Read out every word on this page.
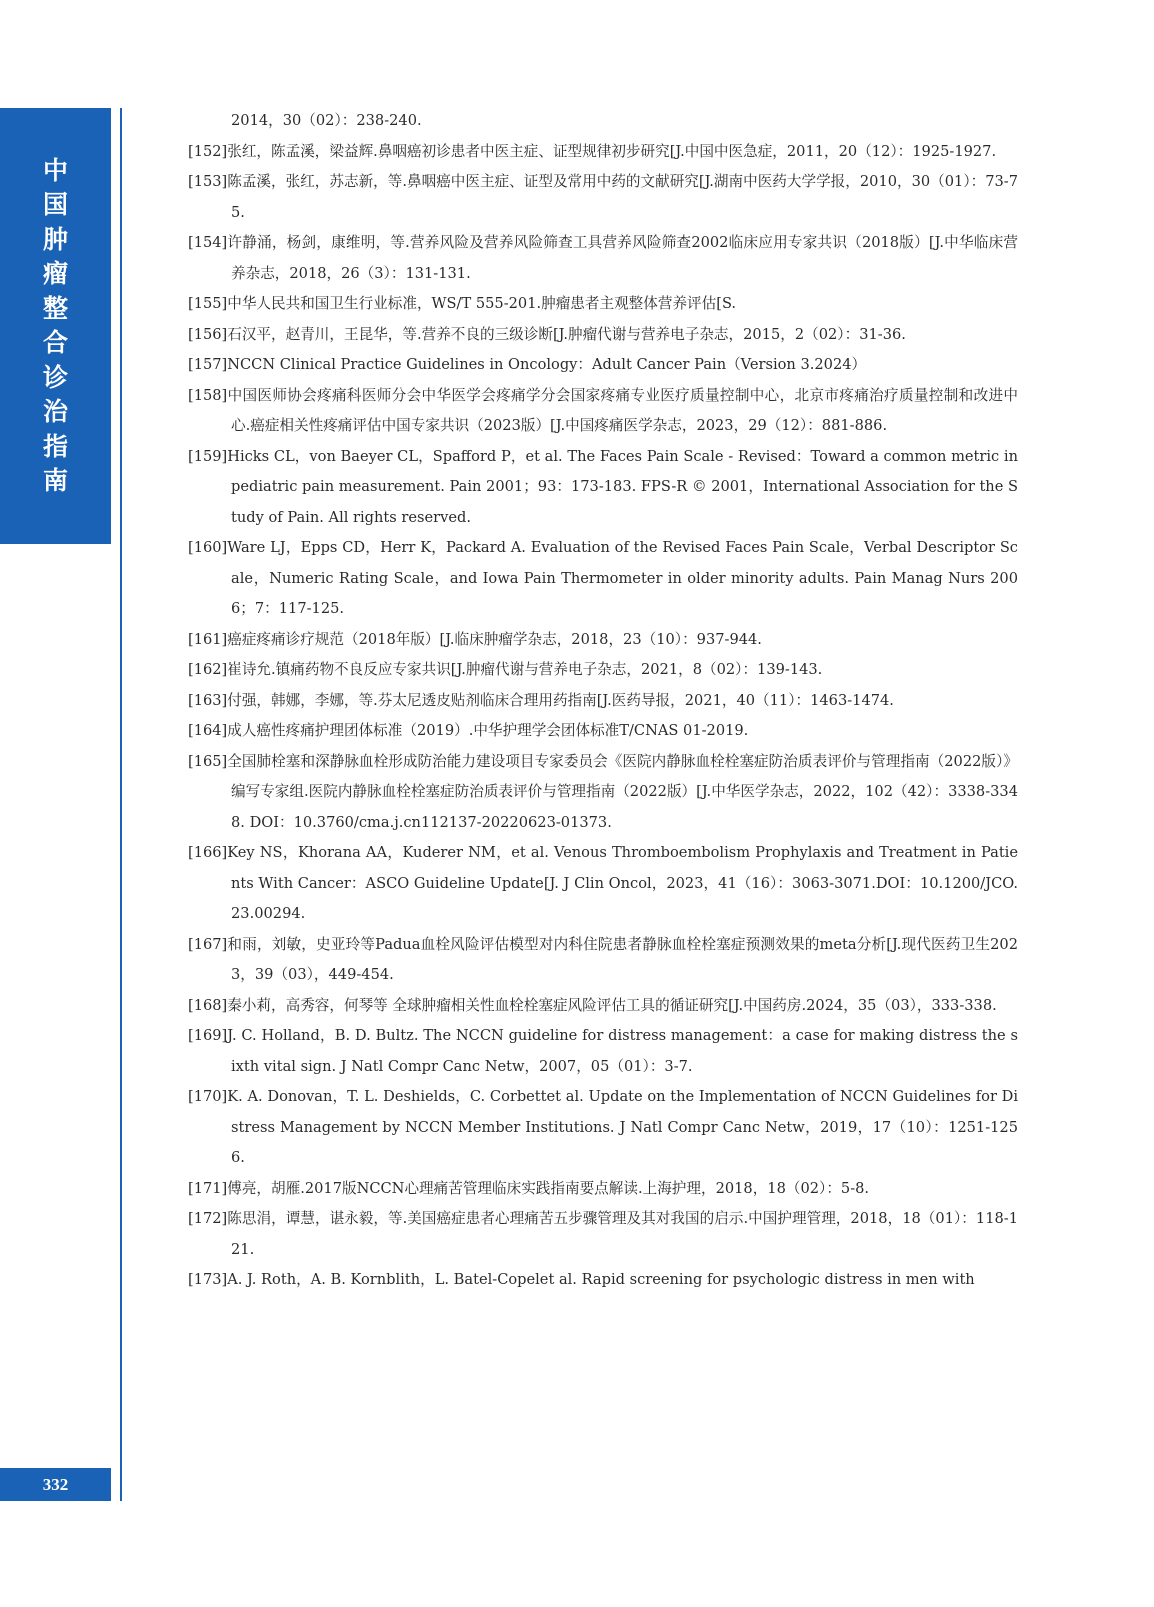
中
国
肿
瘤
整
合
诊
治
指
南
332
2014，30（02）：238-240.
[152]张红，陈孟溪，梁益辉.鼻咽癌初诊患者中医主症、证型规律初步研究[J.中国中医急症，2011，20（12）：1925-1927.
[153]陈孟溪，张红，苏志新，等.鼻咽癌中医主症、证型及常用中药的文献研究[J.湖南中医药大学学报，2010，30（01）：73-75.
[154]许静涌，杨剑，康维明，等.营养风险及营养风险筛查工具营养风险筛查2002临床应用专家共识（2018版）[J.中华临床营养杂志，2018，26（3）：131-131.
[155]中华人民共和国卫生行业标准，WS/T 555-201.肿瘤患者主观整体营养评估[S.
[156]石汉平，赵青川，王昆华，等.营养不良的三级诊断[J.肿瘤代谢与营养电子杂志，2015，2（02）：31-36.
[157]NCCN Clinical Practice Guidelines in Oncology：Adult Cancer Pain（Version 3.2024）
[158]中国医师协会疼痛科医师分会中华医学会疼痛学分会国家疼痛专业医疗质量控制中心，北京市疼痛治疗质量控制和改进中心.癌症相关性疼痛评估中国专家共识（2023版）[J.中国疼痛医学杂志，2023，29（12）：881-886.
[159]Hicks CL，von Baeyer CL，Spafford P，et al. The Faces Pain Scale - Revised：Toward a common metric in pediatric pain measurement. Pain 2001；93：173-183. FPS-R © 2001，International Association for the Study of Pain. All rights reserved.
[160]Ware LJ，Epps CD，Herr K，Packard A. Evaluation of the Revised Faces Pain Scale，Verbal Descriptor Scale，Numeric Rating Scale，and Iowa Pain Thermometer in older minority adults. Pain Manag Nurs 2006；7：117-125.
[161]癌症疼痛诊疗规范（2018年版）[J.临床肿瘤学杂志，2018，23（10）：937-944.
[162]崔诗允.镇痛药物不良反应专家共识[J.肿瘤代谢与营养电子杂志，2021，8（02）：139-143.
[163]付强，韩娜，李娜，等.芬太尼透皮贴剂临床合理用药指南[J.医药导报，2021，40（11）：1463-1474.
[164]成人癌性疼痛护理团体标准（2019）.中华护理学会团体标准T/CNAS 01-2019.
[165]全国肺栓塞和深静脉血栓形成防治能力建设项目专家委员会《医院内静脉血栓栓塞症防治质表评价与管理指南（2022版）》编写专家组.医院内静脉血栓栓塞症防治质表评价与管理指南（2022版）[J.中华医学杂志，2022，102（42）：3338-3348. DOI：10.3760/cma.j.cn112137-20220623-01373.
[166]Key NS，Khorana AA，Kuderer NM，et al. Venous Thromboembolism Prophylaxis and Treatment in Patients With Cancer：ASCO Guideline Update[J. J Clin Oncol，2023，41（16）：3063-3071.DOI：10.1200/JCO.23.00294.
[167]和雨，刘敏，史亚玲等Padua血栓风险评估模型对内科住院患者静脉血栓栓塞症预测效果的meta分析[J.现代医药卫生2023，39（03），449-454.
[168]秦小莉，高秀容，何琴等 全球肿瘤相关性血栓栓塞症风险评估工具的循证研究[J.中国药房.2024，35（03），333-338.
[169]J. C. Holland，B. D. Bultz. The NCCN guideline for distress management：a case for making distress the sixth vital sign. J Natl Compr Canc Netw，2007，05（01）：3-7.
[170]K. A. Donovan，T. L. Deshields，C. Corbettet al. Update on the Implementation of NCCN Guidelines for Distress Management by NCCN Member Institutions. J Natl Compr Canc Netw，2019，17（10）：1251-1256.
[171]傅亮，胡雁.2017版NCCN心理痛苦管理临床实践指南要点解读.上海护理，2018，18（02）：5-8.
[172]陈思涓，谭慧，谌永毅，等.美国癌症患者心理痛苦五步骤管理及其对我国的启示.中国护理管理，2018，18（01）：118-121.
[173]A. J. Roth，A. B. Kornblith，L. Batel-Copelet al. Rapid screening for psychologic distress in men with
